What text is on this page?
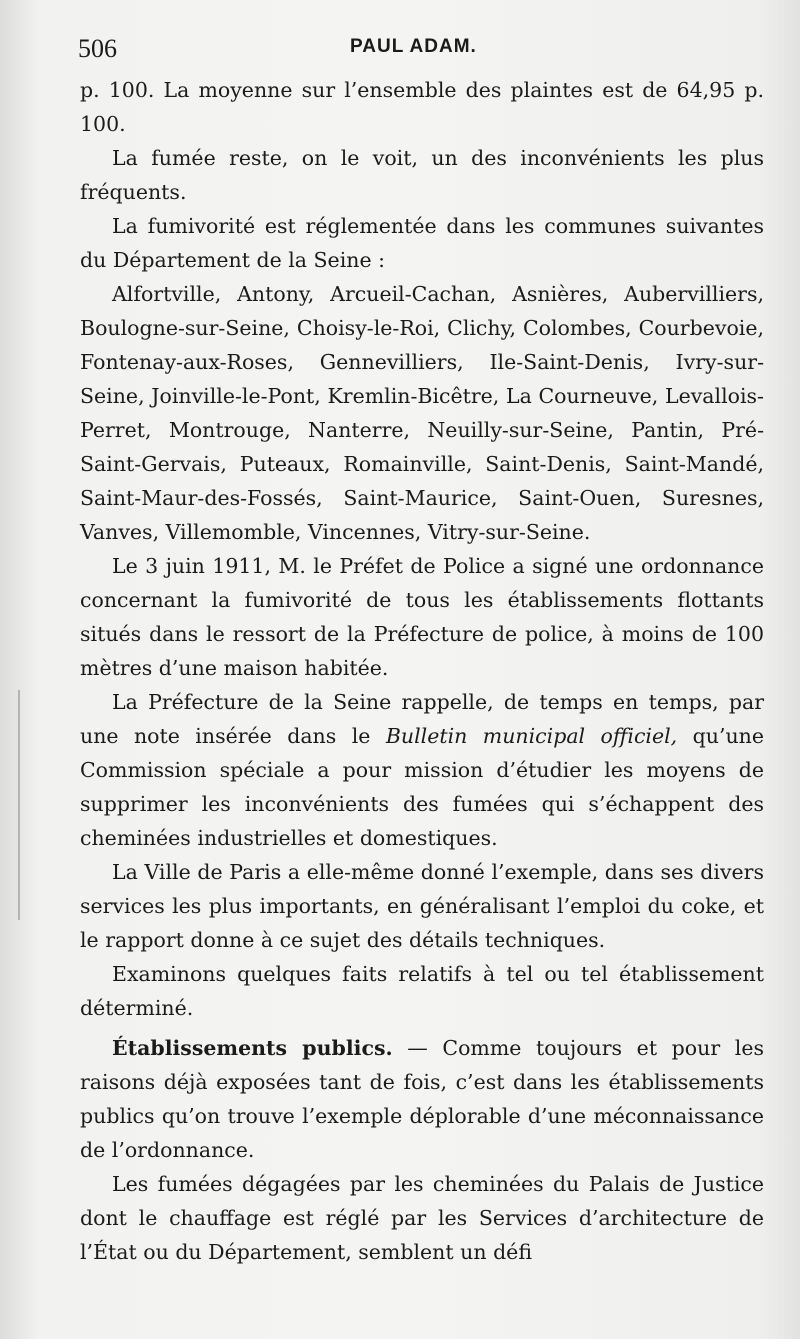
506	PAUL ADAM.

p. 100. La moyenne sur l’ensemble des plaintes est de 64,95 p. 100.

La fumée reste, on le voit, un des inconvénients les plus fréquents.

La fumivorité est réglementée dans les communes suivantes du Département de la Seine :

Alfortville, Antony, Arcueil-Cachan, Asnières, Aubervilliers, Boulogne-sur-Seine, Choisy-le-Roi, Clichy, Colombes, Courbevoie, Fontenay-aux-Roses, Gennevilliers, Ile-Saint-Denis, Ivry-sur-Seine, Joinville-le-Pont, Kremlin-Bicêtre, La Courneuve, Levallois-Perret, Montrouge, Nanterre, Neuilly-sur-Seine, Pantin, Pré-Saint-Gervais, Puteaux, Romainville, Saint-Denis, Saint-Mandé, Saint-Maur-des-Fossés, Saint-Maurice, Saint-Ouen, Suresnes, Vanves, Villemomble, Vincennes, Vitry-sur-Seine.

Le 3 juin 1911, M. le Préfet de Police a signé une ordonnance concernant la fumivorité de tous les établissements flottants situés dans le ressort de la Préfecture de police, à moins de 100 mètres d’une maison habitée.

La Préfecture de la Seine rappelle, de temps en temps, par une note insérée dans le Bulletin municipal officiel, qu’une Commission spéciale a pour mission d’étudier les moyens de supprimer les inconvénients des fumées qui s’échappent des cheminées industrielles et domestiques.

La Ville de Paris a elle-même donné l’exemple, dans ses divers services les plus importants, en généralisant l’emploi du coke, et le rapport donne à ce sujet des détails techniques.

Examinons quelques faits relatifs à tel ou tel établissement déterminé.

Établissements publics. — Comme toujours et pour les raisons déjà exposées tant de fois, c’est dans les établissements publics qu’on trouve l’exemple déplorable d’une méconnaissance de l’ordonnance.

Les fumées dégagées par les cheminées du Palais de Justice dont le chauffage est réglé par les Services d’architecture de l’État ou du Département, semblent un défi
